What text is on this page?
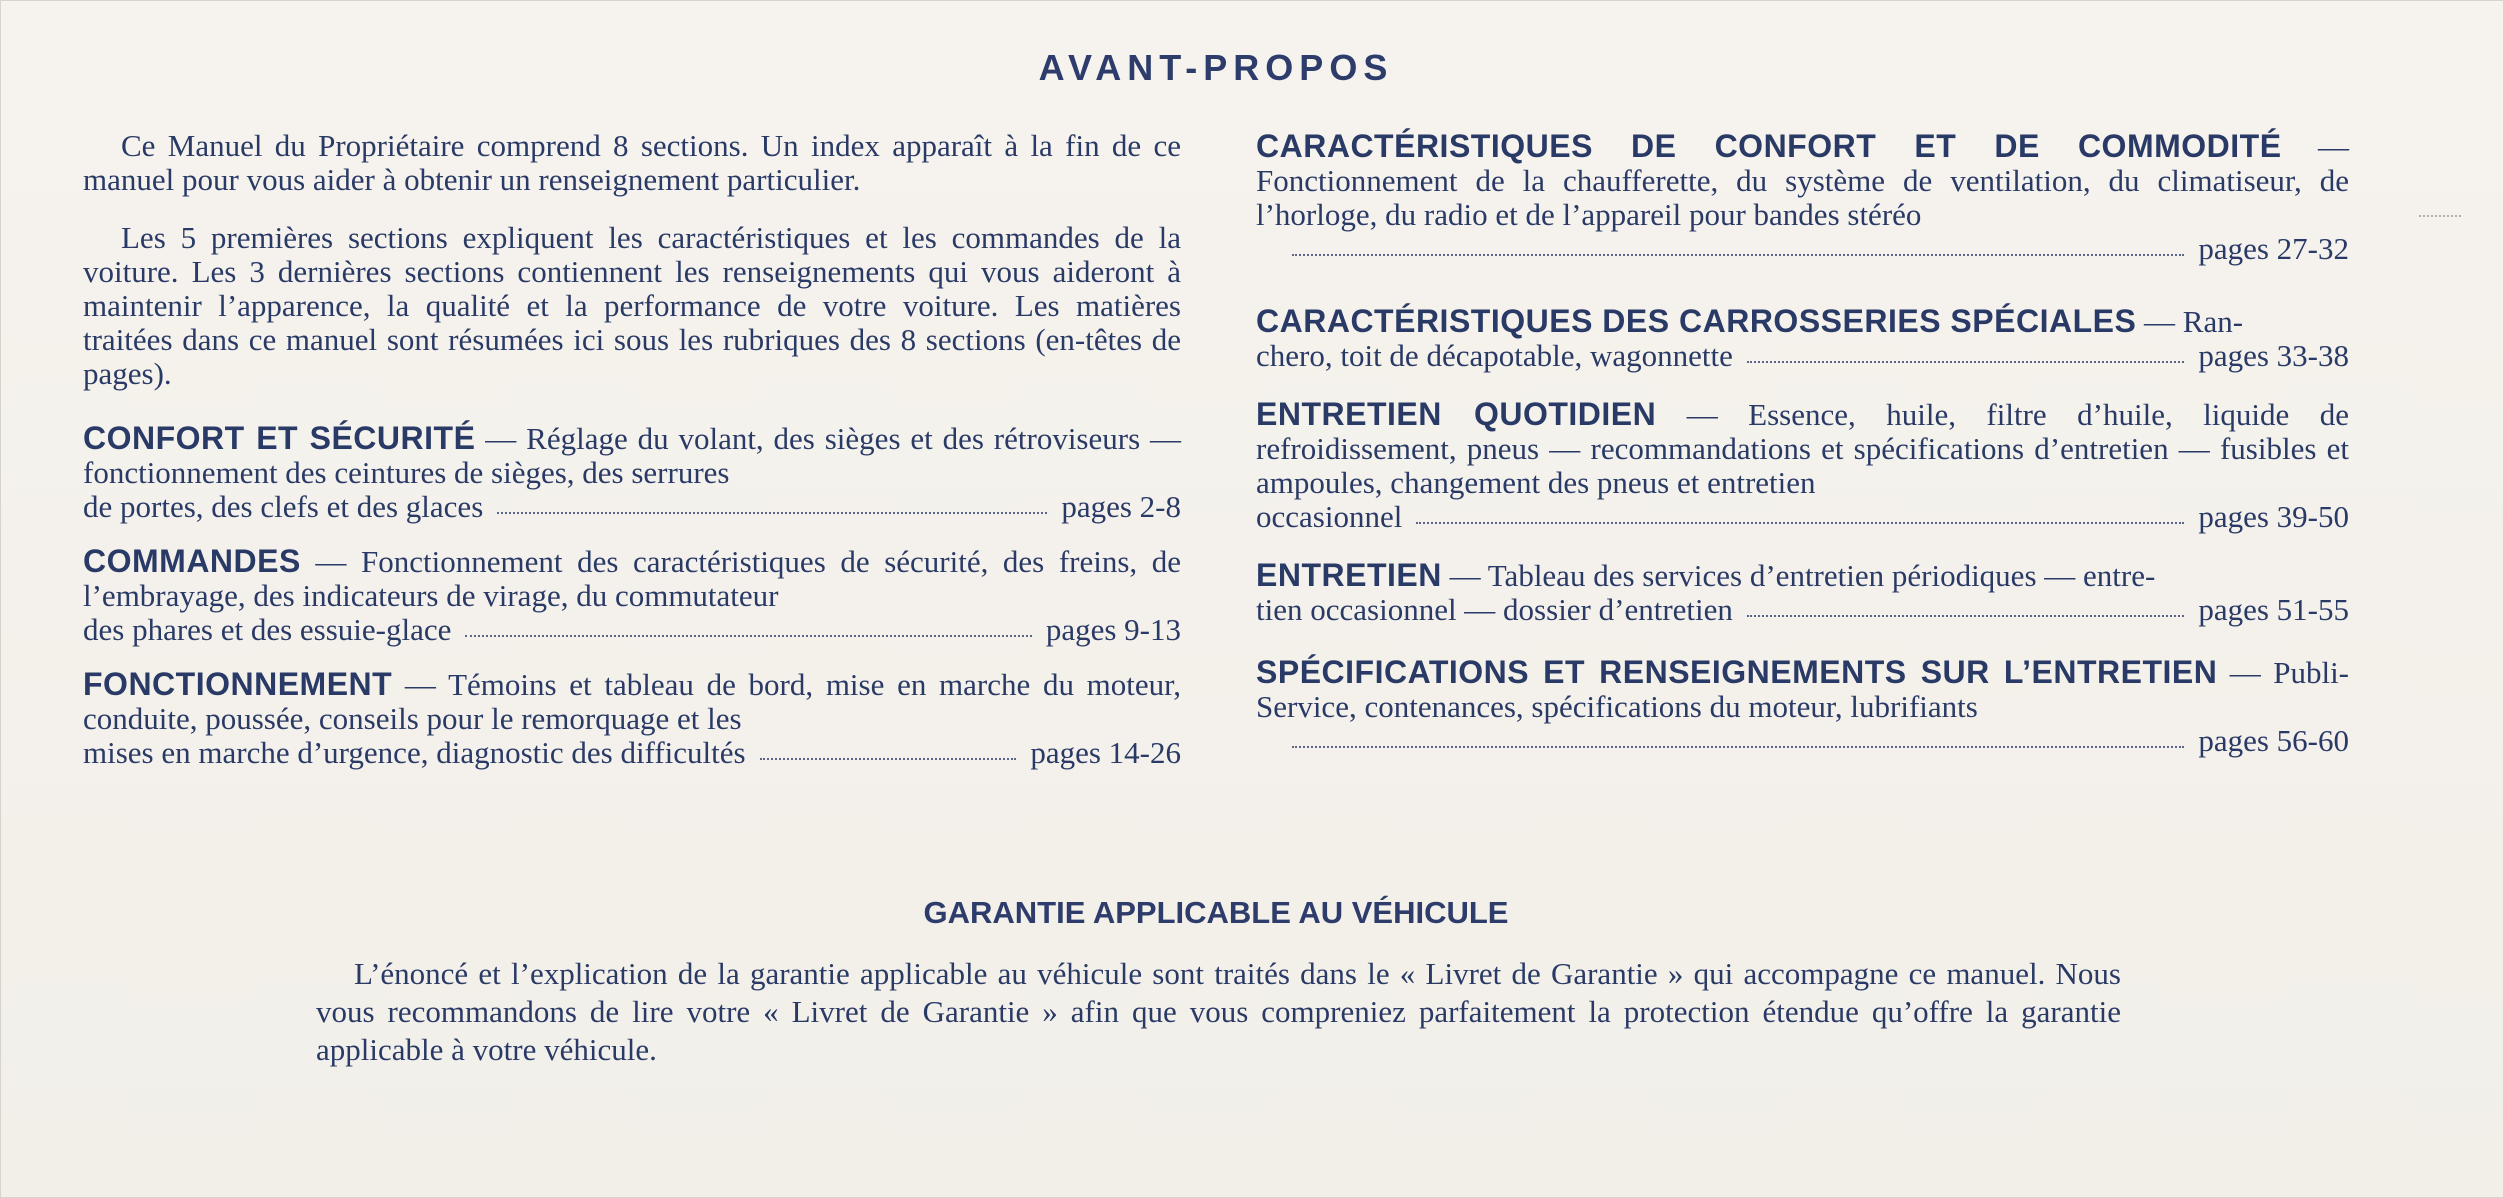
AVANT-PROPOS

Ce Manuel du Propriétaire comprend 8 sections. Un index apparaît à la fin de ce manuel pour vous aider à obtenir un renseignement particulier.

Les 5 premières sections expliquent les caractéristiques et les commandes de la voiture. Les 3 dernières sections contiennent les renseignements qui vous aideront à maintenir l’apparence, la qualité et la performance de votre voiture. Les matières traitées dans ce manuel sont résumées ici sous les rubriques des 8 sections (en-têtes de pages).

CONFORT ET SÉCURITÉ — Réglage du volant, des sièges et des rétroviseurs — fonctionnement des ceintures de sièges, des serrures
de portes, des clefs et des glaces	pages 2-8
COMMANDES — Fonctionnement des caractéristiques de sécurité, des freins, de l’embrayage, des indicateurs de virage, du commutateur
des phares et des essuie-glace	pages 9-13
FONCTIONNEMENT — Témoins et tableau de bord, mise en marche du moteur, conduite, poussée, conseils pour le remorquage et les
mises en marche d’urgence, diagnostic des difficultés	pages 14-26
CARACTÉRISTIQUES DE CONFORT ET DE COMMODITÉ — Fonctionnement de la chaufferette, du système de ventilation, du climatiseur, de l’horloge, du radio et de l’appareil pour bandes stéréo
pages 27-32
CARACTÉRISTIQUES DES CARROSSERIES SPÉCIALES — Ran-
chero, toit de décapotable, wagonnette	pages 33-38
ENTRETIEN QUOTIDIEN — Essence, huile, filtre d’huile, liquide de refroidissement, pneus — recommandations et spécifications d’entretien — fusibles et ampoules, changement des pneus et entretien
occasionnel	pages 39-50
ENTRETIEN — Tableau des services d’entretien périodiques — entre-
tien occasionnel — dossier d’entretien	pages 51-55
SPÉCIFICATIONS ET RENSEIGNEMENTS SUR L’ENTRETIEN — Publi-Service, contenances, spécifications du moteur, lubrifiants
pages 56-60
GARANTIE APPLICABLE AU VÉHICULE

L’énoncé et l’explication de la garantie applicable au véhicule sont traités dans le « Livret de Garantie » qui accompagne ce manuel. Nous vous recommandons de lire votre « Livret de Garantie » afin que vous compreniez parfaitement la protection étendue qu’offre la garantie applicable à votre véhicule.
